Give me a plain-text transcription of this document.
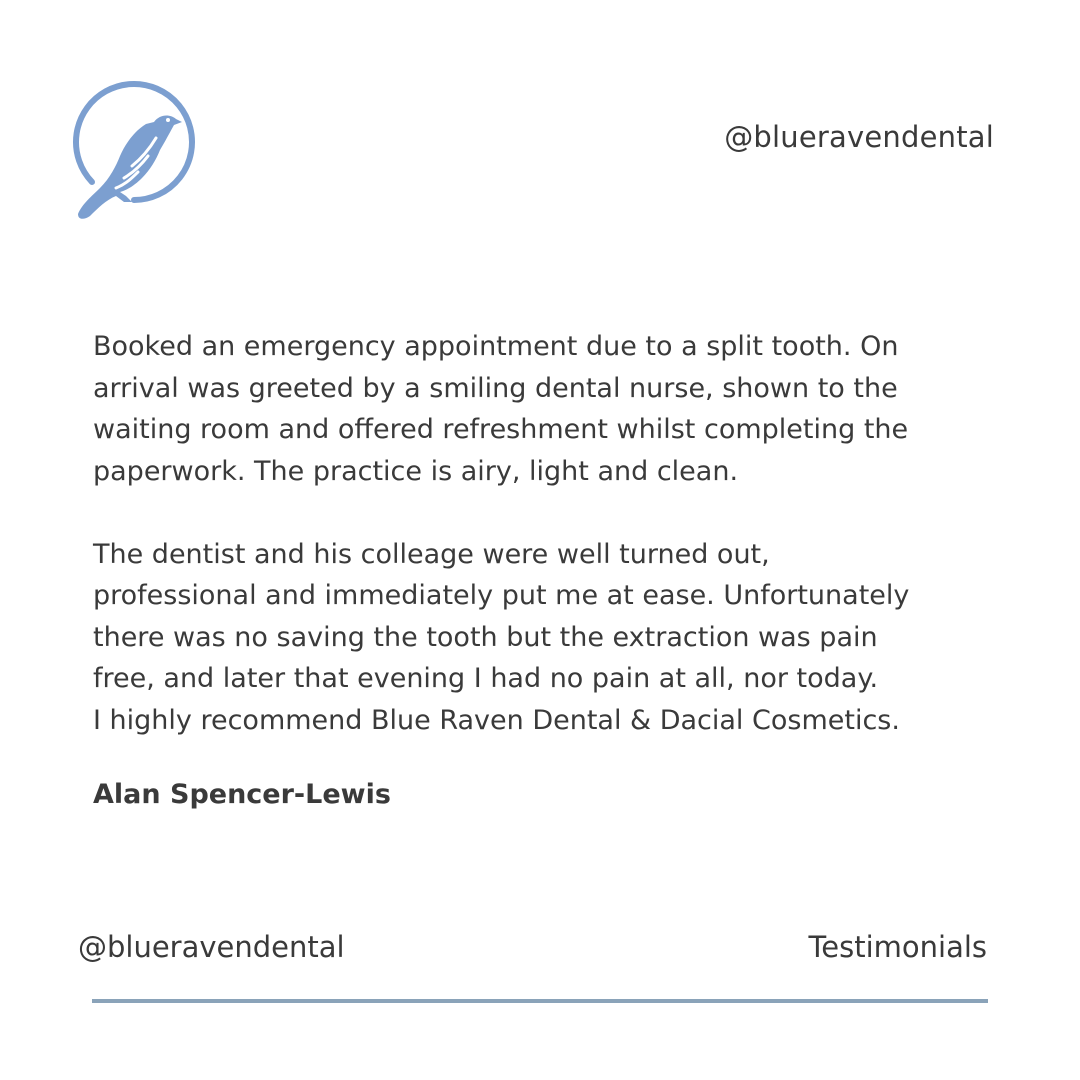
@blueravendental

Booked an emergency appointment due to a split tooth. On
arrival was greeted by a smiling dental nurse, shown to the
waiting room and offered refreshment whilst completing the
paperwork. The practice is airy, light and clean.

The dentist and his colleage were well turned out,
professional and immediately put me at ease. Unfortunately
there was no saving the tooth but the extraction was pain
free, and later that evening I had no pain at all, nor today.
I highly recommend Blue Raven Dental & Dacial Cosmetics.

Alan Spencer-Lewis
@blueravendental	Testimonials
